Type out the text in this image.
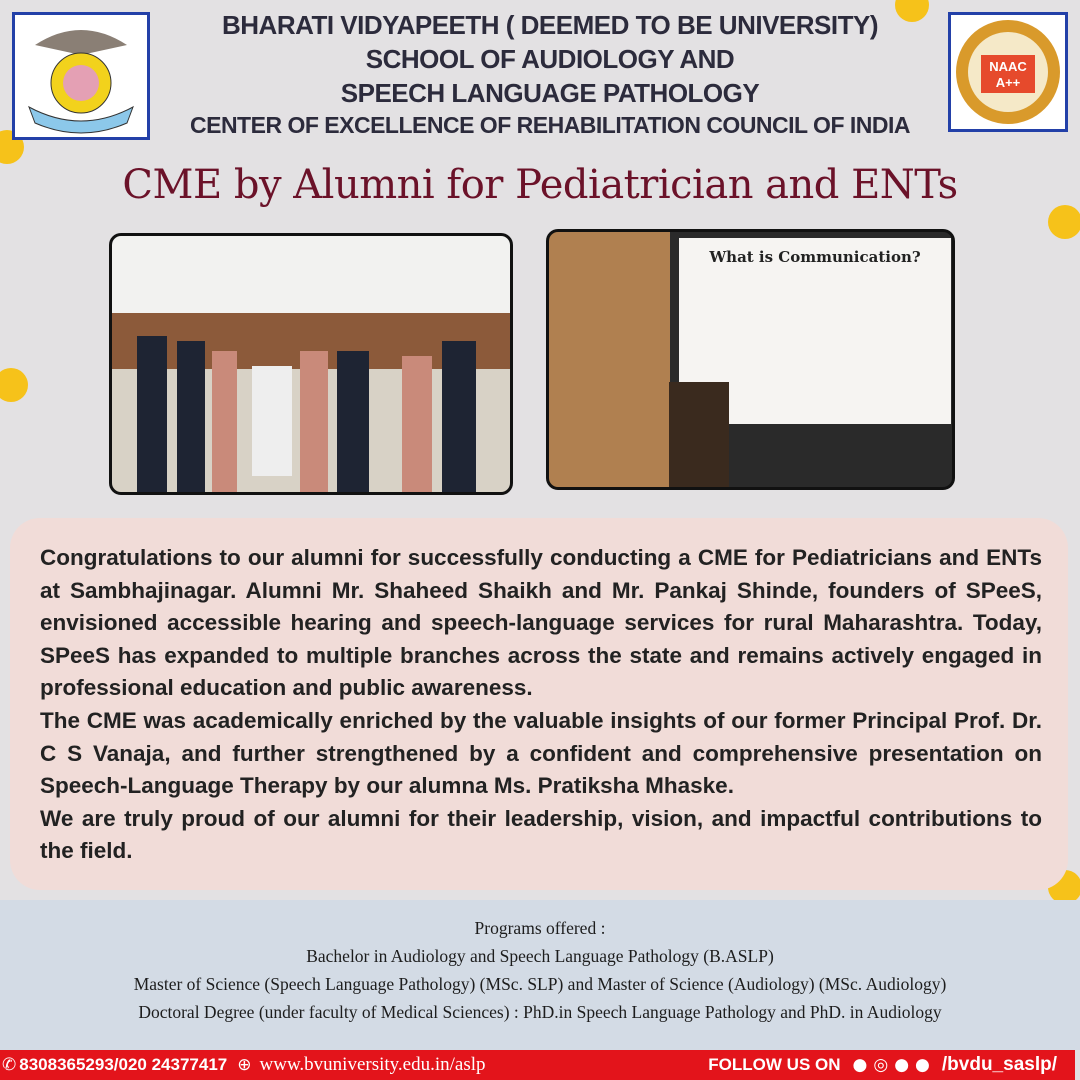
NAAC
A++
BHARATI VIDYAPEETH ( DEEMED TO BE UNIVERSITY)
SCHOOL OF AUDIOLOGY AND
SPEECH LANGUAGE PATHOLOGY
CENTER OF EXCELLENCE OF REHABILITATION COUNCIL OF INDIA
CME by Alumni for Pediatrician and ENTs
What is Communication?

Congratulations to our alumni for successfully conducting a CME for Pediatricians and ENTs at Sambhajinagar. Alumni Mr. Shaheed Shaikh and Mr. Pankaj Shinde, founders of SPeeS, envisioned accessible hearing and speech-language services for rural Maharashtra. Today, SPeeS has expanded to multiple branches across the state and remains actively engaged in professional education and public awareness.

The CME was academically enriched by the valuable insights of our former Principal Prof. Dr. C S Vanaja, and further strengthened by a confident and comprehensive presentation on Speech-Language Therapy by our alumna Ms. Pratiksha Mhaske.

We are truly proud of our alumni for their leadership, vision, and impactful contributions to the field.

Programs offered :
Bachelor in Audiology and Speech Language Pathology (B.ASLP)
Master of Science (Speech Language Pathology) (MSc. SLP) and Master of Science (Audiology) (MSc. Audiology)
Doctoral Degree (under faculty of Medical Sciences) : PhD.in Speech Language Pathology and PhD. in Audiology
✆ 8308365293/020 24377417 ⊕ www.bvuniversity.edu.in/aslp	FOLLOW US ON ● ◎ ● ● /bvdu_saslp/
